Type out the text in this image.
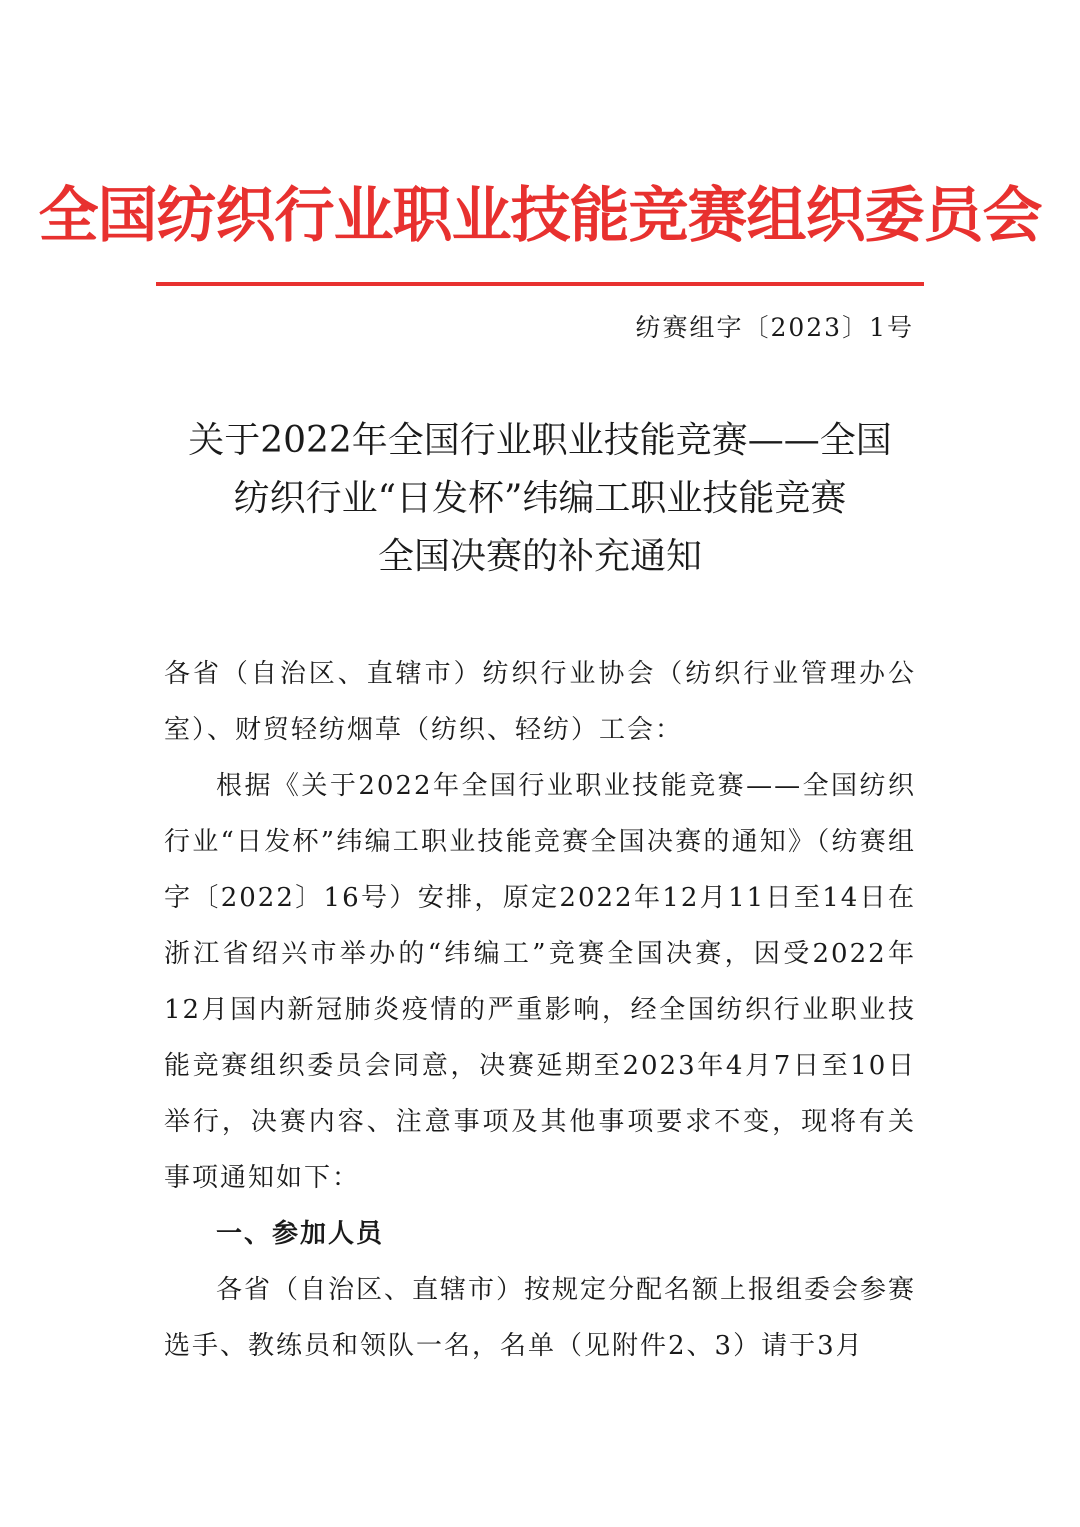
全国纺织行业职业技能竞赛组织委员会
纺赛组字〔2023〕1号
关于2022年全国行业职业技能竞赛——全国
纺织行业“日发杯”纬编工职业技能竞赛
全国决赛的补充通知

各省（自治区、直辖市）纺织行业协会（纺织行业管理办公室）、财贸轻纺烟草（纺织、轻纺）工会：

根据《关于2022年全国行业职业技能竞赛——全国纺织行业“日发杯”纬编工职业技能竞赛全国决赛的通知》（纺赛组字〔2022〕16号）安排，原定2022年12月11日至14日在浙江省绍兴市举办的“纬编工”竞赛全国决赛，因受2022年12月国内新冠肺炎疫情的严重影响，经全国纺织行业职业技能竞赛组织委员会同意，决赛延期至2023年4月7日至10日举行，决赛内容、注意事项及其他事项要求不变，现将有关事项通知如下：

一、参加人员

各省（自治区、直辖市）按规定分配名额上报组委会参赛选手、教练员和领队一名，名单（见附件2、3）请于3月
